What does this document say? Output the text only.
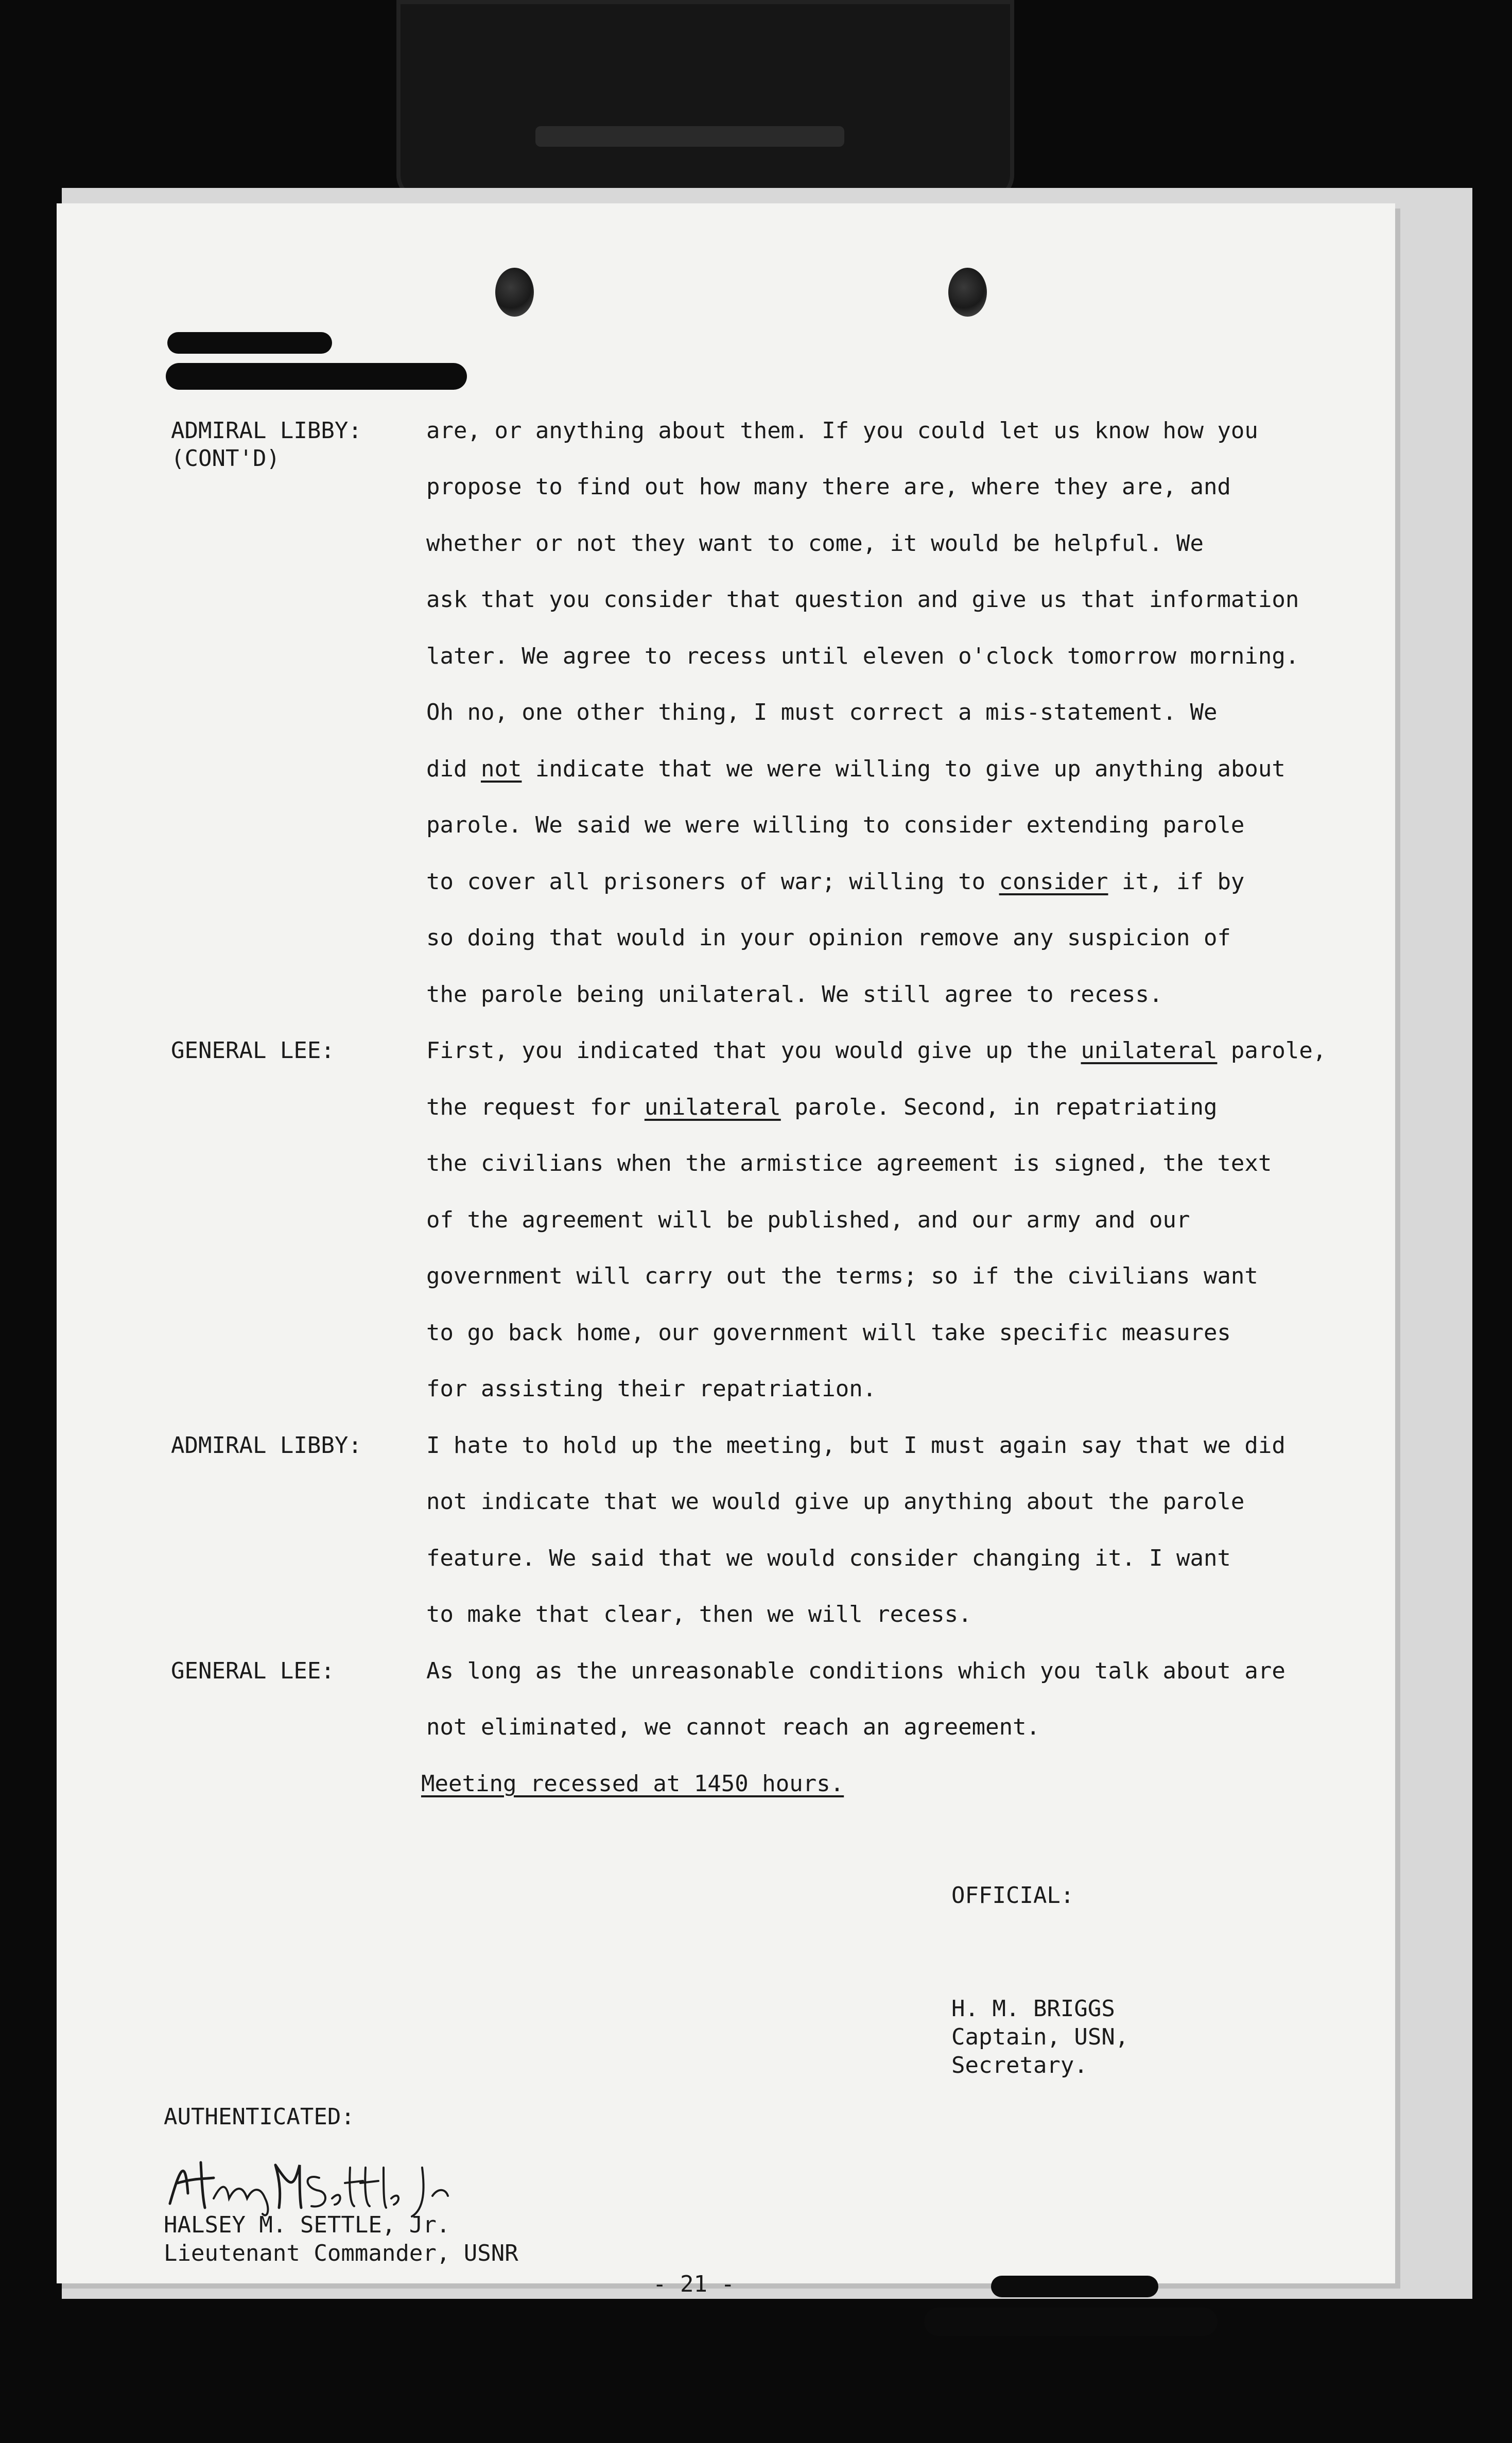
ADMIRAL LIBBY:
(CONT'D)
are, or anything about them. If you could let us know how you
propose to find out how many there are, where they are, and
whether or not they want to come, it would be helpful. We
ask that you consider that question and give us that information
later. We agree to recess until eleven o'clock tomorrow morning.
Oh no, one other thing, I must correct a mis-statement. We
did not indicate that we were willing to give up anything about
parole. We said we were willing to consider extending parole
to cover all prisoners of war; willing to consider it, if by
so doing that would in your opinion remove any suspicion of
the parole being unilateral. We still agree to recess.
GENERAL LEE:	First, you indicated that you would give up the unilateral parole,
the request for unilateral parole. Second, in repatriating
the civilians when the armistice agreement is signed, the text
of the agreement will be published, and our army and our
government will carry out the terms; so if the civilians want
to go back home, our government will take specific measures
for assisting their repatriation.
ADMIRAL LIBBY:	I hate to hold up the meeting, but I must again say that we did
not indicate that we would give up anything about the parole
feature. We said that we would consider changing it. I want
to make that clear, then we will recess.
GENERAL LEE:	As long as the unreasonable conditions which you talk about are
not eliminated, we cannot reach an agreement.
Meeting recessed at 1450 hours.
OFFICIAL:
H. M. BRIGGS
Captain, USN,
Secretary.
AUTHENTICATED:
HALSEY M. SETTLE, Jr.
Lieutenant Commander, USNR
- 21 -
